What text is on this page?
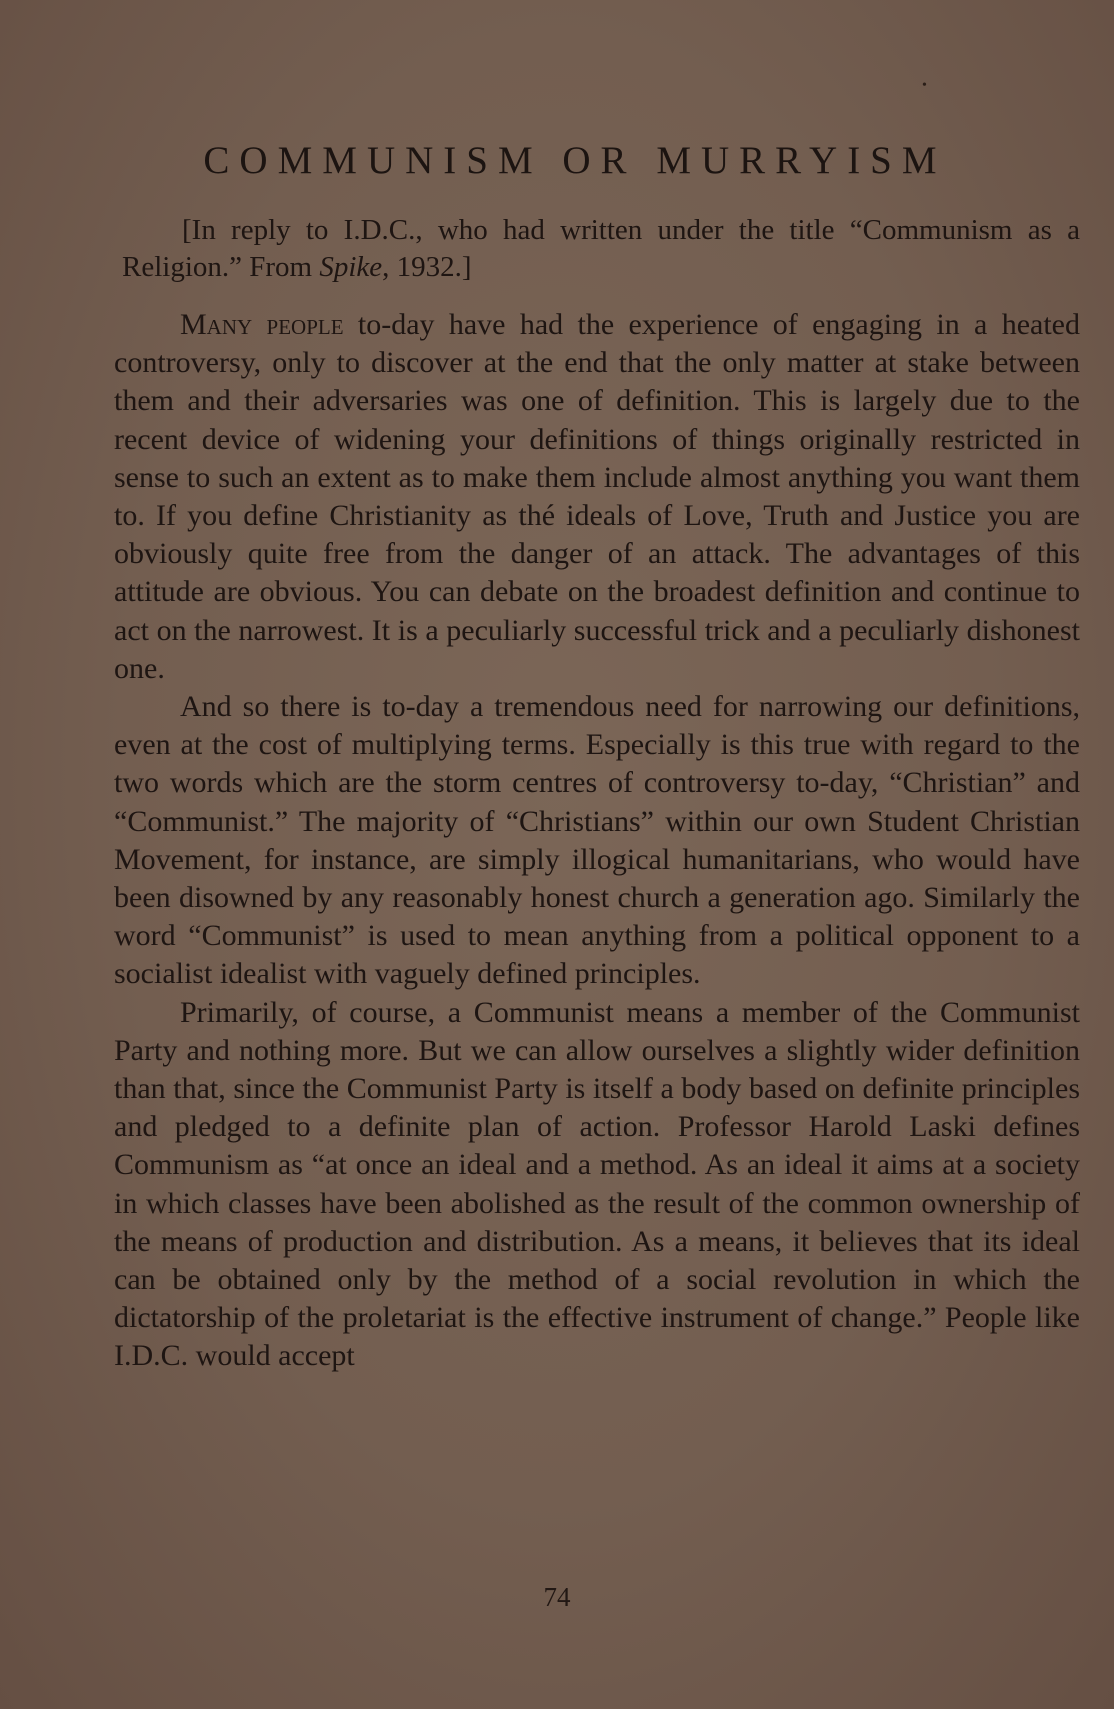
•
COMMUNISM OR MURRYISM
[In reply to I.D.C., who had written under the title “Communism as a Religion.” From Spike, 1932.]

Many people to-day have had the experience of engaging in a heated controversy, only to discover at the end that the only matter at stake between them and their adversaries was one of definition. This is largely due to the recent device of widening your definitions of things originally restricted in sense to such an extent as to make them include almost anything you want them to. If you define Christianity as thé ideals of Love, Truth and Justice you are obviously quite free from the danger of an attack. The advantages of this attitude are obvious. You can debate on the broadest definition and continue to act on the narrowest. It is a peculiarly successful trick and a peculiarly dishonest one.

And so there is to-day a tremendous need for narrowing our definitions, even at the cost of multiplying terms. Especially is this true with regard to the two words which are the storm centres of controversy to-day, “Christian” and “Communist.” The majority of “Christians” within our own Student Christian Movement, for instance, are simply illogical humanitarians, who would have been disowned by any reasonably honest church a generation ago. Similarly the word “Communist” is used to mean anything from a political opponent to a socialist idealist with vaguely defined principles.

Primarily, of course, a Communist means a member of the Communist Party and nothing more. But we can allow ourselves a slightly wider definition than that, since the Communist Party is itself a body based on definite principles and pledged to a definite plan of action. Professor Harold Laski defines Communism as “at once an ideal and a method. As an ideal it aims at a society in which classes have been abolished as the result of the common ownership of the means of production and distribution. As a means, it believes that its ideal can be obtained only by the method of a social revolution in which the dictatorship of the proletariat is the effective instrument of change.” People like I.D.C. would accept

74
